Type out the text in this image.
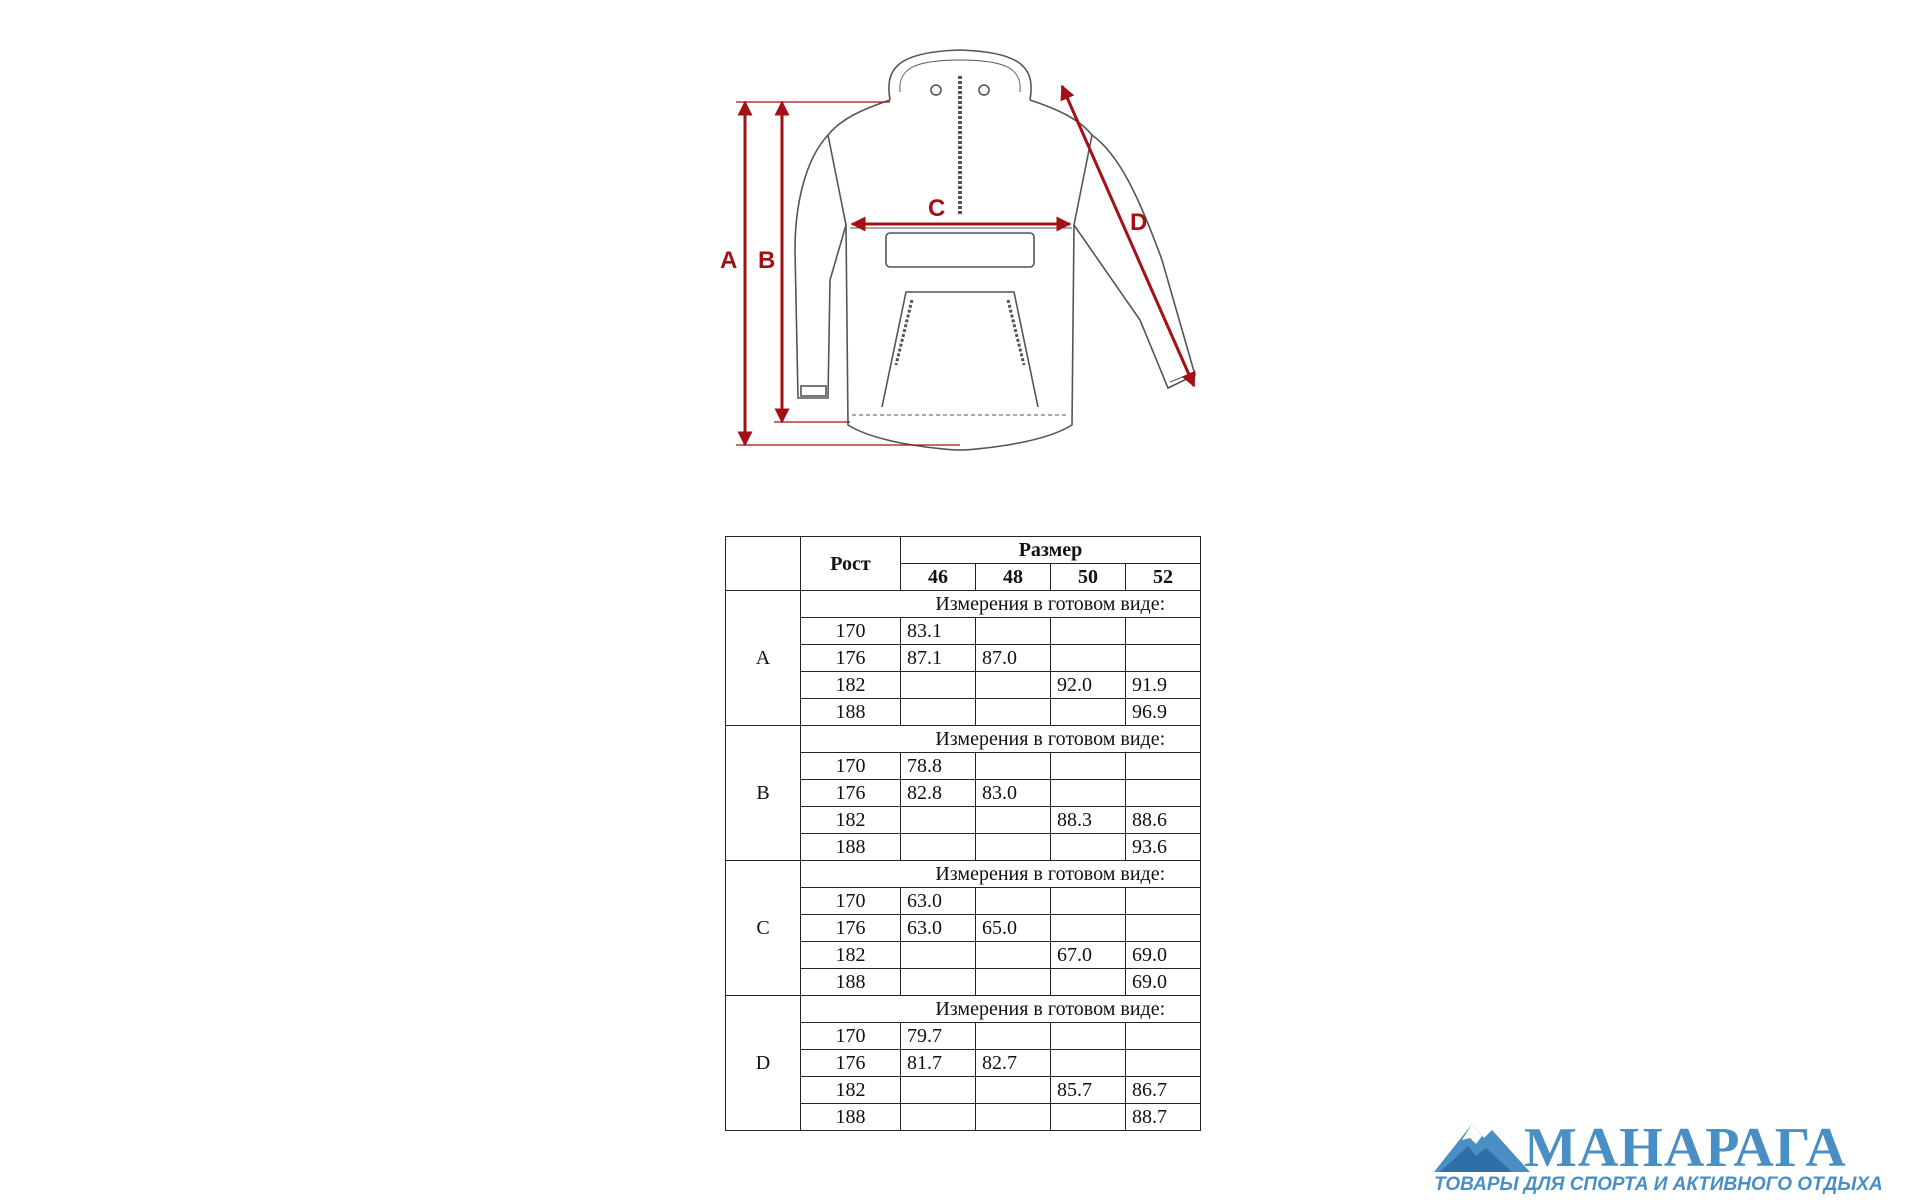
A B
C
D
	Рост	Размер			
		46	48	50	52
A		Измерения в готовом виде:			
	170	83.1			
	176	87.1	87.0		
	182			92.0	91.9
	188				96.9
B		Измерения в готовом виде:			
	170	78.8			
	176	82.8	83.0		
	182			88.3	88.6
	188				93.6
C		Измерения в готовом виде:			
	170	63.0			
	176	63.0	65.0		
	182			67.0	69.0
	188				69.0
D		Измерения в готовом виде:			
	170	79.7			
	176	81.7	82.7		
	182			85.7	86.7
	188				88.7	МАНАРАГА
ТОВАРЫ ДЛЯ СПОРТА И АКТИВНОГО ОТДЫХА
